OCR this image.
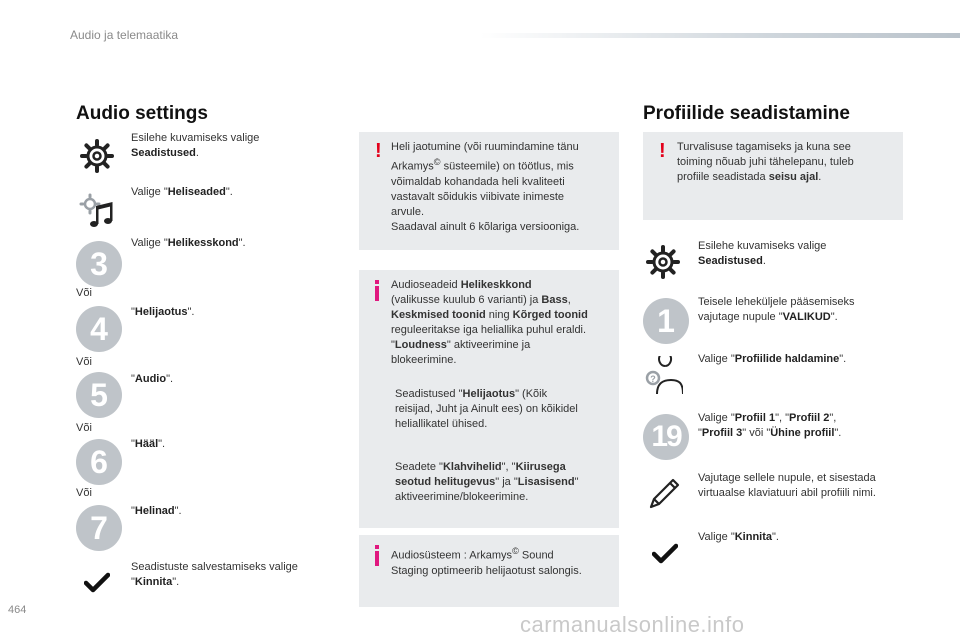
Audio ja telemaatika
Audio settings
Esilehe kuvamiseks valige
Seadistused.
Valige "Heliseaded".
3
Valige "Helikesskond".
Või
4	"Helijaotus".
Või
5	"Audio".
Või
6	"Hääl".
Või
7	"Helinad".
Seadistuste salvestamiseks valige
"Kinnita".
! Heli jaotumine (või ruumindamine tänu
Arkamys© süsteemile) on töötlus, mis
võimaldab kohandada heli kvaliteeti
vastavalt sõidukis viibivate inimeste
arvule.
Saadaval ainult 6 kõlariga versiooniga.
Audioseadeid Helikeskkond
(valikusse kuulub 6 varianti) ja Bass,
Keskmised toonid ning Kõrged toonid
reguleeritakse iga heliallika puhul eraldi.
"Loudness" aktiveerimine ja
blokeerimine.
Seadistused "Helijaotus" (Kõik
reisijad, Juht ja Ainult ees) on kõikidel
heliallikatel ühised.
Seadete "Klahvihelid", "Kiirusega
seotud helitugevus" ja "Lisasisend"
aktiveerimine/blokeerimine.
Audiosüsteem : Arkamys© Sound
Staging optimeerib helijaotust salongis.
Profiilide seadistamine
! Turvalisuse tagamiseks ja kuna see
toiming nõuab juhi tähelepanu, tuleb
profiile seadistada seisu ajal.
Esilehe kuvamiseks valige
Seadistused.
1
Teisele leheküljele pääsemiseks
vajutage nupule "VALIKUD".
?
Valige "Profiilide haldamine".
19
Valige "Profiil 1", "Profiil 2",
"Profiil 3" või "Ühine profiil".
Vajutage sellele nupule, et sisestada
virtuaalse klaviatuuri abil profiili nimi.
Valige "Kinnita".
464
carmanualsonline.info
